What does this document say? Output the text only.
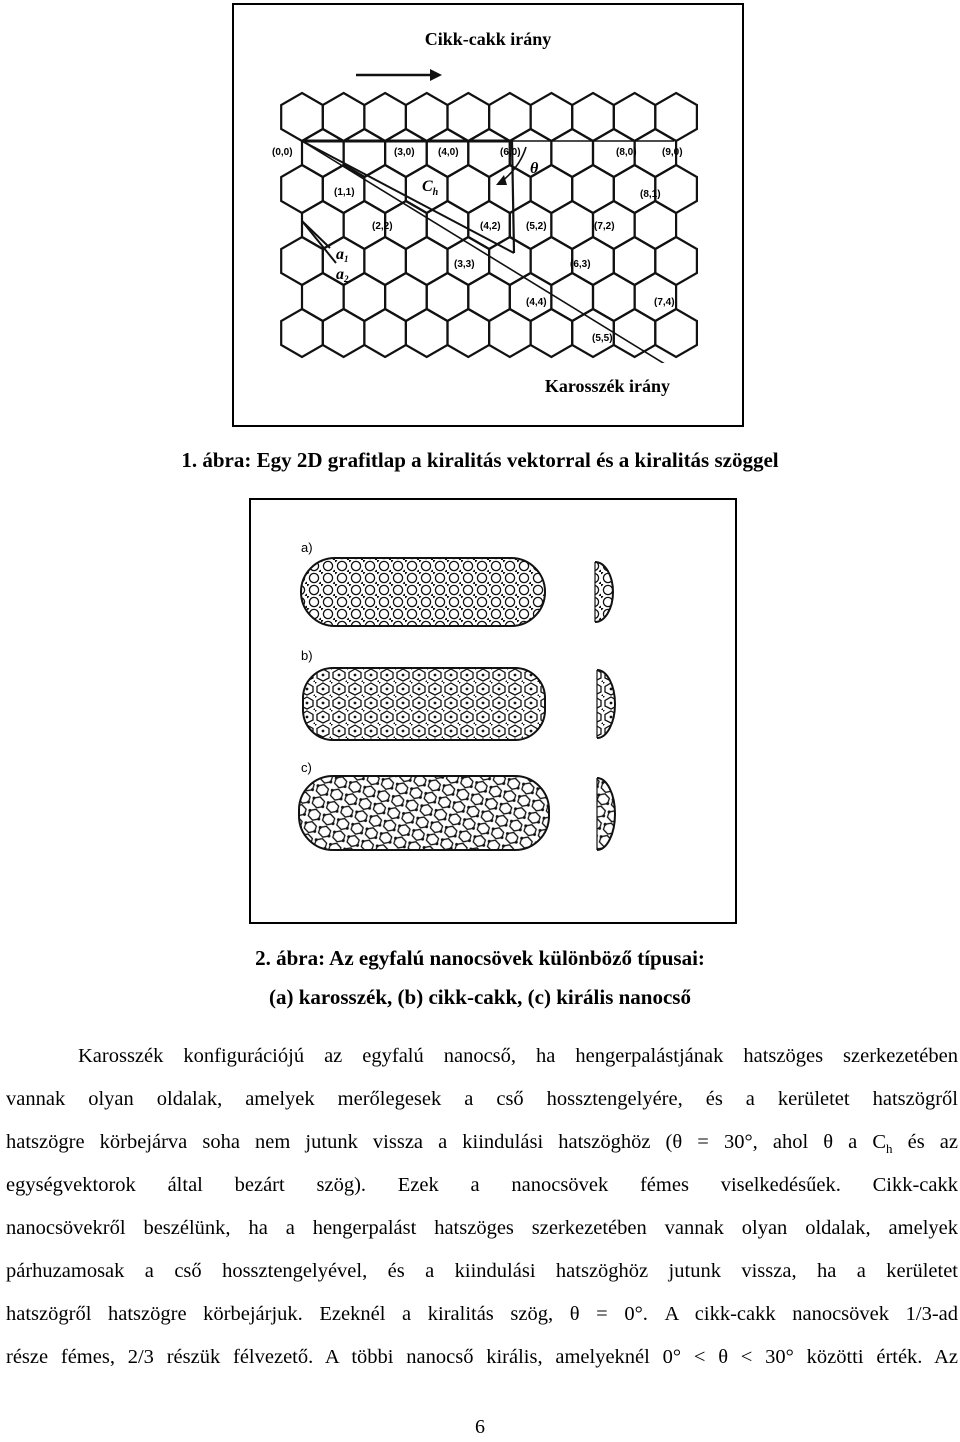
Cikk-cakk irány
$C_h$
θ
a1
a2
(0,0)
(1,1)
(3,0) (4,0)	(6,0)	(8,0)	(9,0)
(8,1)
(2,2)	(4,2)	(5,2)	(7,2)
(6,3)
(3,3)
(4,4)	(7,4)
(5,5)
Karosszék irány
1. ábra: Egy 2D grafitlap a kiralitás vektorral és a kiralitás szöggel
a)
b)
c)
2. ábra: Az egyfalú nanocsövek különböző típusai:
(a) karosszék, (b) cikk-cakk, (c) királis nanocső
Karosszék konfigurációjú az egyfalú nanocső, ha hengerpalástjának hatszöges szerkezetében
vannak olyan oldalak, amelyek merőlegesek a cső hossztengelyére, és a kerületet hatszögről
hatszögre körbejárva soha nem jutunk vissza a kiindulási hatszöghöz (θ = 30°, ahol θ a $C_h$ és az
egységvektorok által bezárt szög). Ezek a nanocsövek fémes viselkedésűek. Cikk-cakk
nanocsövekről beszélünk, ha a hengerpalást hatszöges szerkezetében vannak olyan oldalak, amelyek
párhuzamosak a cső hossztengelyével, és a kiindulási hatszöghöz jutunk vissza, ha a kerületet
hatszögről hatszögre körbejárjuk. Ezeknél a kiralitás szög, θ = 0°. A cikk-cakk nanocsövek 1/3-ad
része fémes, 2/3 részük félvezető. A többi nanocső királis, amelyeknél 0° < θ < 30° közötti érték. Az
6
